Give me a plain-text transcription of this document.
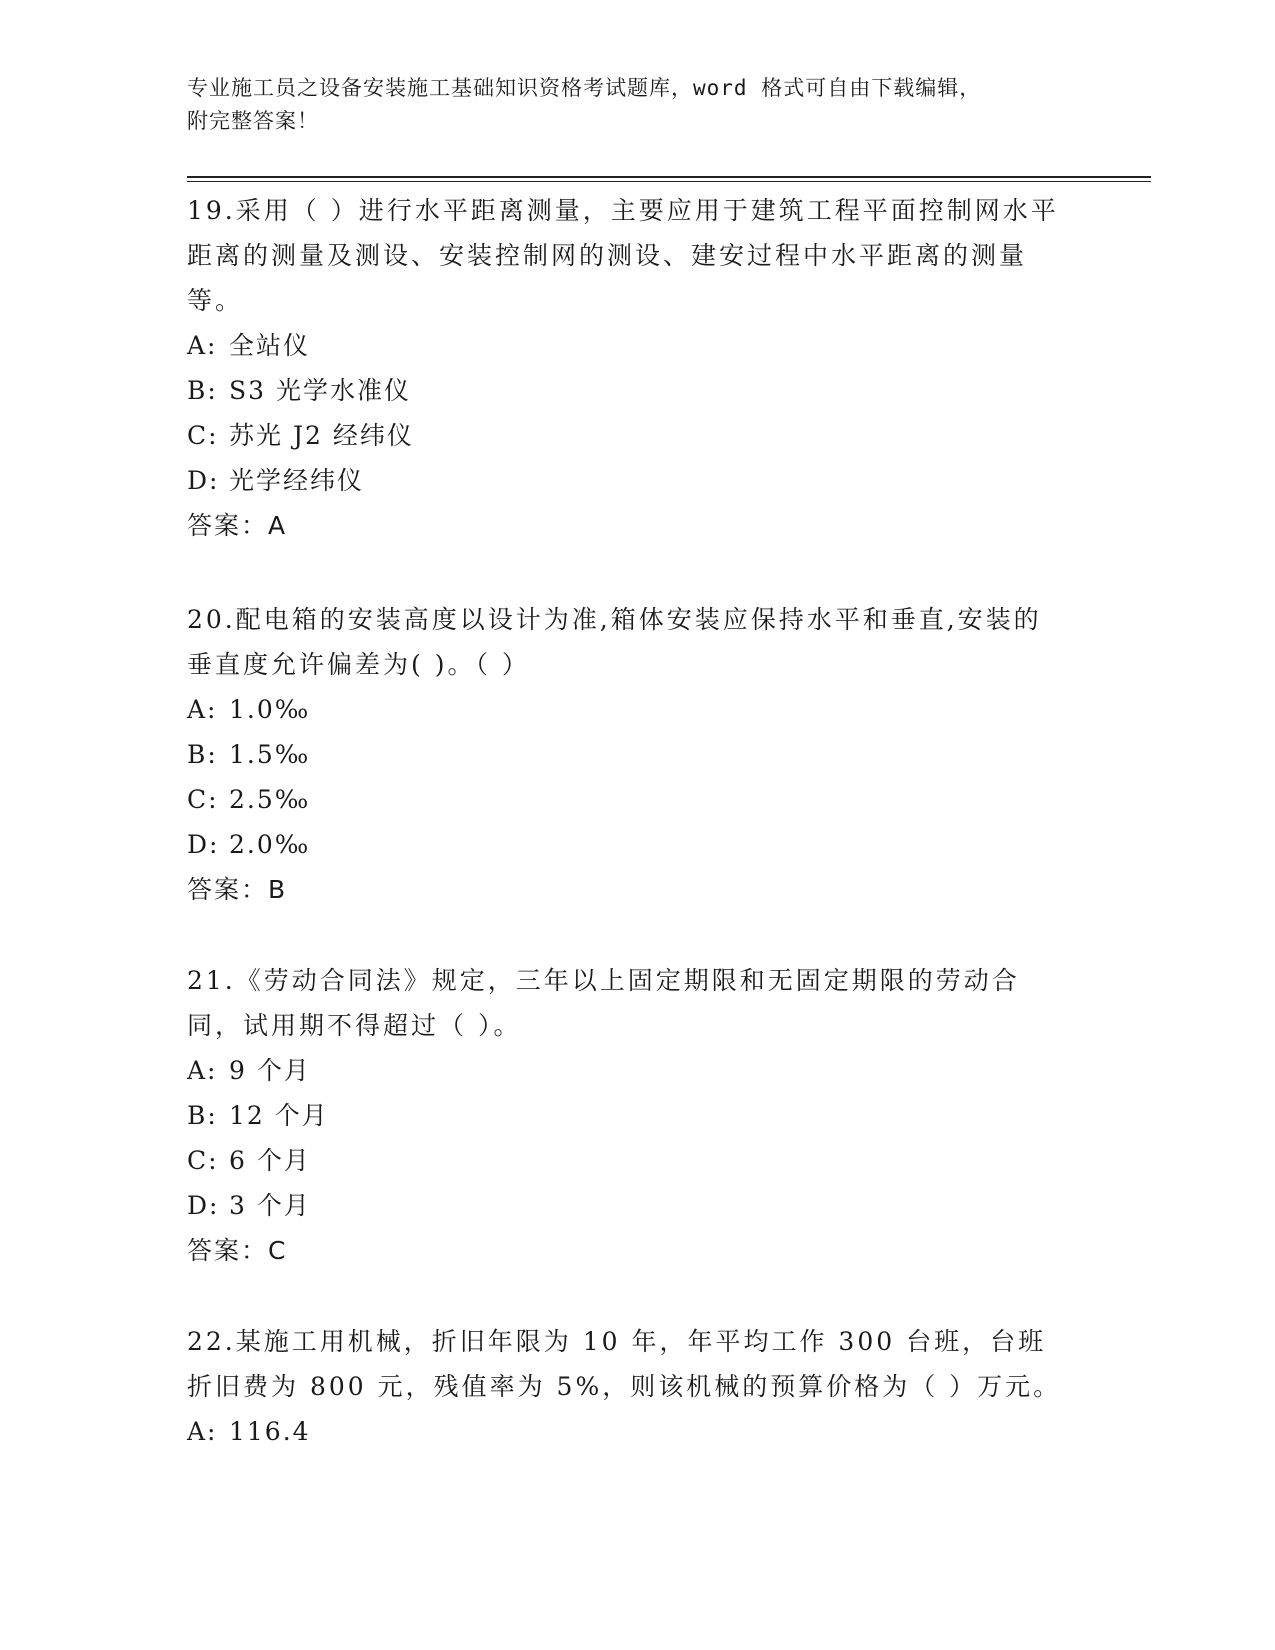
专业施工员之设备安装施工基础知识资格考试题库，word 格式可自由下载编辑，
附完整答案！

19.采用（ ）进行水平距离测量，主要应用于建筑工程平面控制网水平距离的测量及测设、安装控制网的测设、建安过程中水平距离的测量等。

A: 全站仪

B: S3 光学水准仪

C: 苏光 J2 经纬仪

D: 光学经纬仪

答案：A

20.配电箱的安装高度以设计为准,箱体安装应保持水平和垂直,安装的垂直度允许偏差为( )。（ ）

A: 1.0‰

B: 1.5‰

C: 2.5‰

D: 2.0‰

答案：B

21.《劳动合同法》规定，三年以上固定期限和无固定期限的劳动合同，试用期不得超过（ ）。

A: 9 个月

B: 12 个月

C: 6 个月

D: 3 个月

答案：C

22.某施工用机械，折旧年限为 10 年，年平均工作 300 台班，台班折旧费为 800 元，残值率为 5%，则该机械的预算价格为（ ）万元。

A: 116.4
